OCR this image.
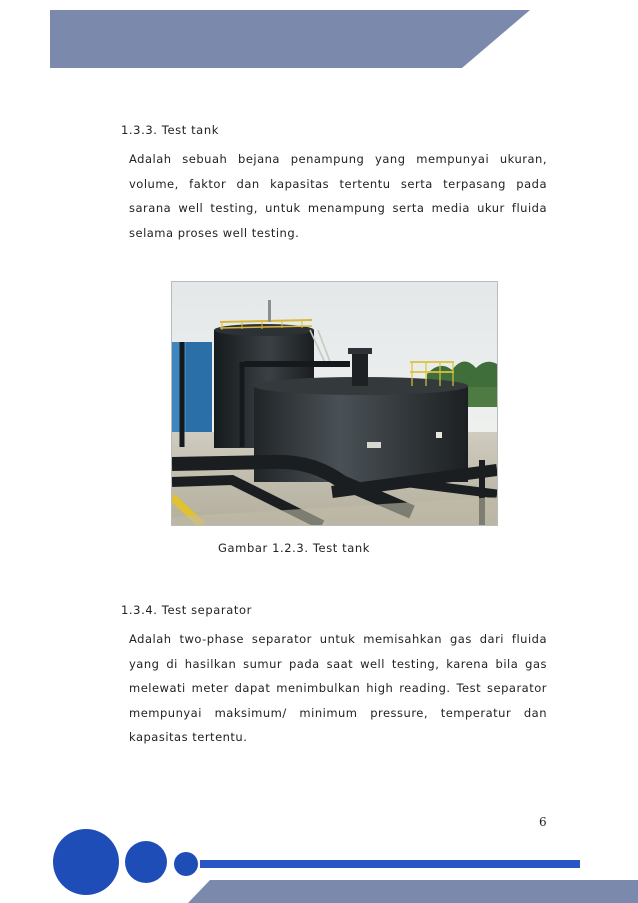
1.3.3. Test tank

Adalah sebuah bejana penampung yang mempunyai ukuran, volume, faktor dan kapasitas tertentu serta terpasang pada sarana well testing, untuk menampung serta media ukur fluida selama proses well testing.

Gambar 1.2.3. Test tank
1.3.4. Test separator

Adalah two-phase separator untuk memisahkan gas dari fluida yang di hasilkan sumur pada saat well testing, karena bila gas melewati meter dapat menimbulkan high reading. Test separator mempunyai maksimum/ minimum pressure, temperatur dan kapasitas tertentu.

6
